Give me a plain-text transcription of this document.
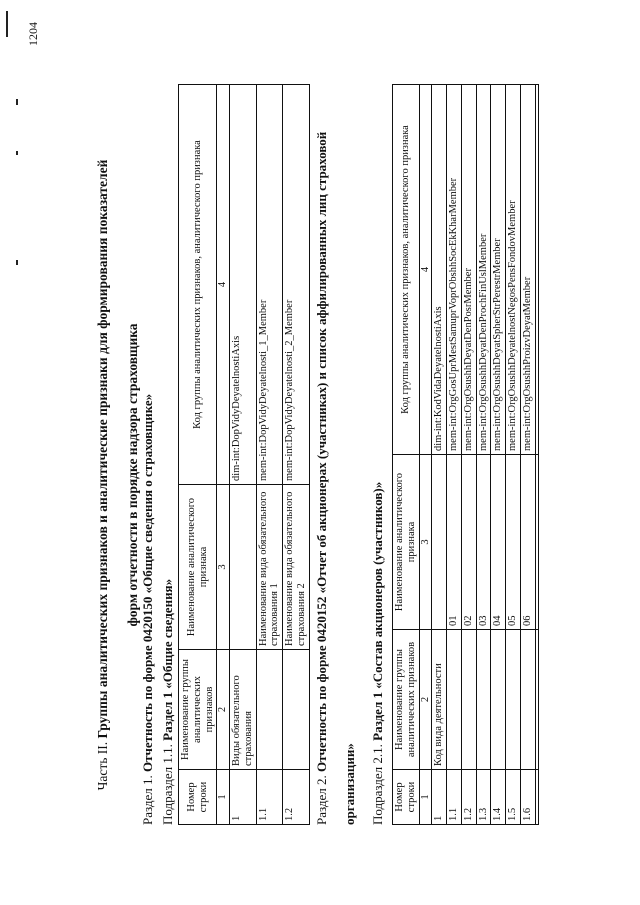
1204
Часть II. Группы аналитических признаков и аналитические признаки для формирования показателей	форм отчетности в порядке надзора страховщика
Раздел 1. Отчетность по форме 0420150 «Общие сведения о страховщике»
Подраздел 1.1. Раздел 1 «Общие сведения»
Номер строки	Наименование группы аналитических признаков	Наименование аналитического признака	Код группы аналитических признаков, аналитического признака
1	2	3	4
1	Виды обязательного страхования		dim-int:DopVidyDeyatelnostiAxis
1.1		Наименование вида обязательного страхования 1	mem-int:DopVidyDeyatelnosti_1_Member
1.2		Наименование вида обязательного страхования 2	mem-int:DopVidyDeyatelnosti_2_Member
Раздел 2. Отчетность по форме 0420152 «Отчет об акционерах (участниках) и список аффилированных лиц страховой организации»	Подраздел 2.1. Раздел 1 «Состав акционеров (участников)»
Номер строки	Наименование группы аналитических признаков	Наименование аналитического признака	Код группы аналитических признаков, аналитического признака
1	2	3	4
1	Код вида деятельности		dim-int:KodVidaDeyatelnostiAxis
1.1		01	mem-int:OrgGosUprMestSamuprVoprObshhSocEkKharMember
1.2		02	mem-int:OrgOsushhDeyatDenPosrMember
1.3		03	mem-int:OrgOsushhDeyatDenProchFinUslMember
1.4		04	mem-int:OrgOsushhDeyatSpherStrPerestrMember
1.5		05	mem-int:OrgOsushhDeyatelnostNegosPensFondovMember
1.6		06	mem-int:OrgOsushhProizvDeyatMember
